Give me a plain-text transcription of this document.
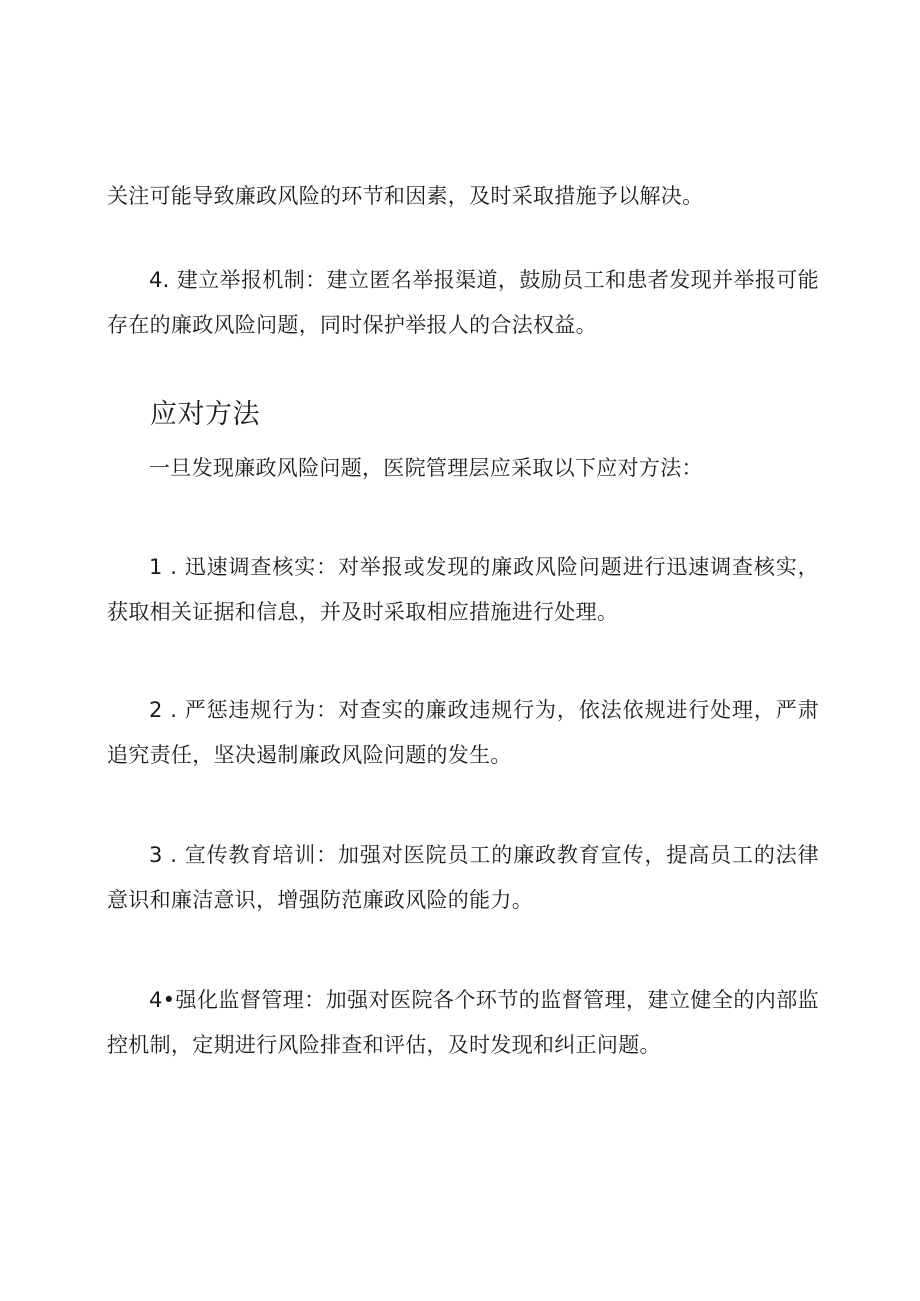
关注可能导致廉政风险的环节和因素，及时采取措施予以解决。

4. 建立举报机制：建立匿名举报渠道，鼓励员工和患者发现并举报可能存在的廉政风险问题，同时保护举报人的合法权益。

应对方法

一旦发现廉政风险问题，医院管理层应采取以下应对方法：

1 . 迅速调查核实：对举报或发现的廉政风险问题进行迅速调查核实，获取相关证据和信息，并及时采取相应措施进行处理。

2 . 严惩违规行为：对查实的廉政违规行为，依法依规进行处理，严肃追究责任，坚决遏制廉政风险问题的发生。

3 . 宣传教育培训：加强对医院员工的廉政教育宣传，提高员工的法律意识和廉洁意识，增强防范廉政风险的能力。

4•强化监督管理：加强对医院各个环节的监督管理，建立健全的内部监控机制，定期进行风险排查和评估，及时发现和纠正问题。
